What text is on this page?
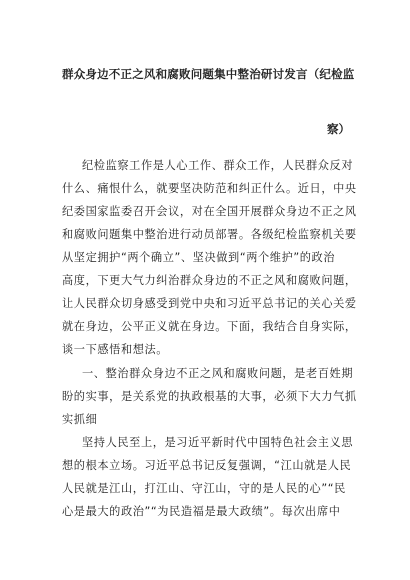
群众身边不正之风和腐败问题集中整治研讨发言（纪检监
察）
纪检监察工作是人心工作、群众工作，人民群众反对
什么、痛恨什么，就要坚决防范和纠正什么。近日，中央
纪委国家监委召开会议，对在全国开展群众身边不正之风
和腐败问题集中整治进行动员部署。各级纪检监察机关要
从坚定拥护“两个确立”、坚决做到“两个维护”的政治
高度，下更大气力纠治群众身边的不正之风和腐败问题，
让人民群众切身感受到党中央和习近平总书记的关心关爱
就在身边，公平正义就在身边。下面，我结合自身实际，
谈一下感悟和想法。
一、整治群众身边不正之风和腐败问题，是老百姓期
盼的实事，是关系党的执政根基的大事，必须下大力气抓
实抓细
坚持人民至上，是习近平新时代中国特色社会主义思
想的根本立场。习近平总书记反复强调，“江山就是人民
人民就是江山，打江山、守江山，守的是人民的心”“民
心是最大的政治”“为民造福是最大政绩”。每次出席中
